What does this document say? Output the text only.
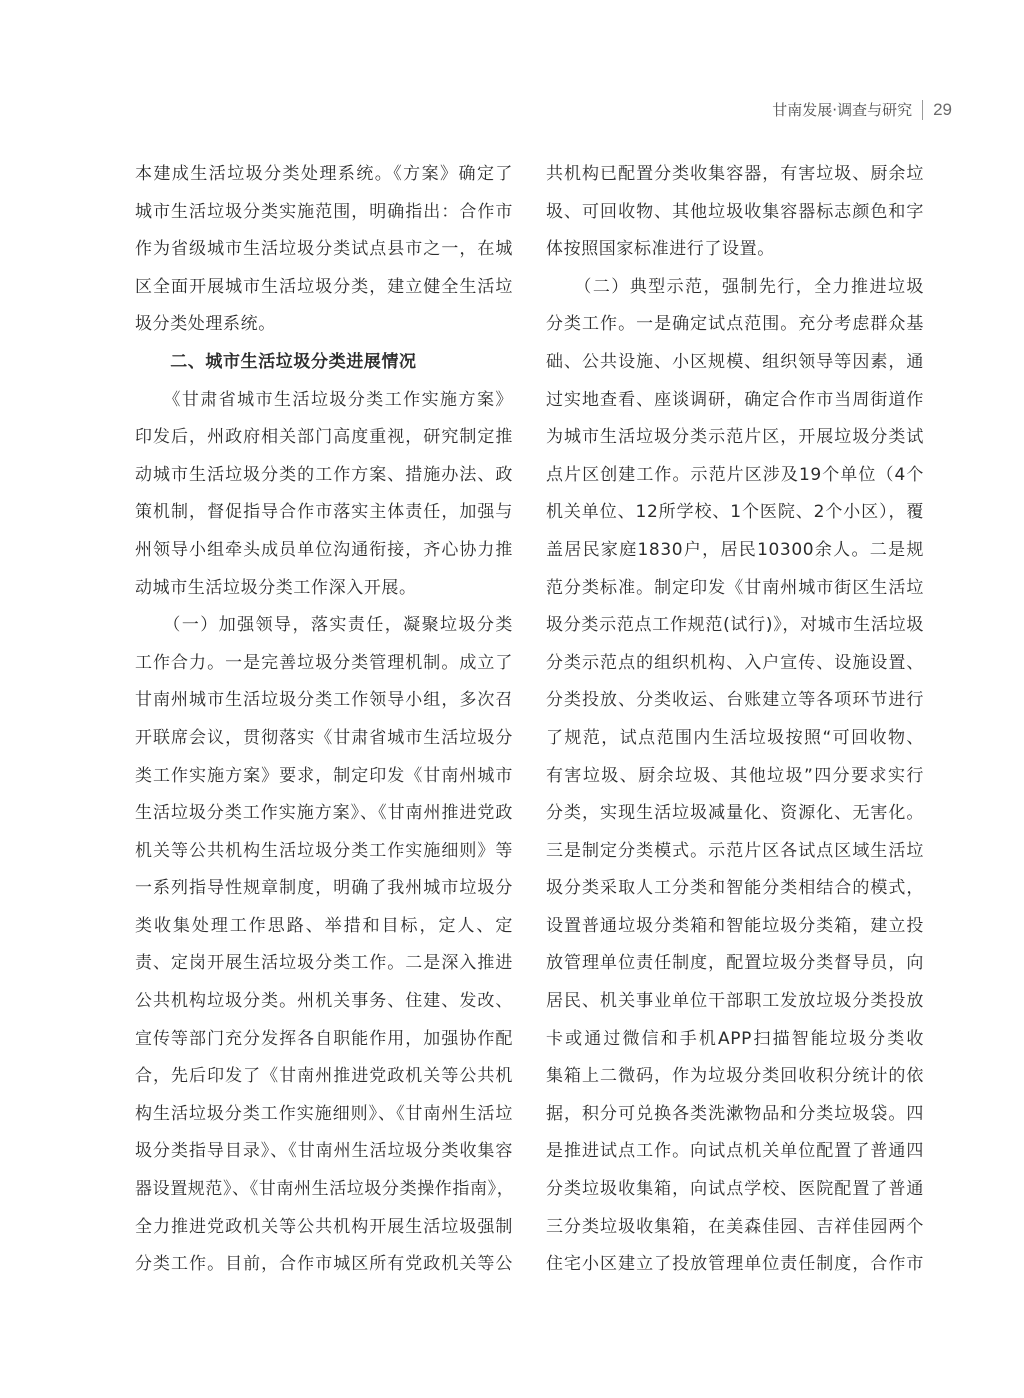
甘南发展·调查与研究 29
本建成生活垃圾分类处理系统。《方案》确定了
城市生活垃圾分类实施范围，明确指出：合作市
作为省级城市生活垃圾分类试点县市之一，在城
区全面开展城市生活垃圾分类，建立健全生活垃
圾分类处理系统。
　　二、城市生活垃圾分类进展情况
　　《甘肃省城市生活垃圾分类工作实施方案》
印发后，州政府相关部门高度重视，研究制定推
动城市生活垃圾分类的工作方案、措施办法、政
策机制，督促指导合作市落实主体责任，加强与
州领导小组牵头成员单位沟通衔接，齐心协力推
动城市生活垃圾分类工作深入开展。
　　（一）加强领导，落实责任，凝聚垃圾分类
工作合力。一是完善垃圾分类管理机制。成立了
甘南州城市生活垃圾分类工作领导小组，多次召
开联席会议，贯彻落实《甘肃省城市生活垃圾分
类工作实施方案》要求，制定印发《甘南州城市
生活垃圾分类工作实施方案》、《甘南州推进党政
机关等公共机构生活垃圾分类工作实施细则》等
一系列指导性规章制度，明确了我州城市垃圾分
类收集处理工作思路、举措和目标，定人、定
责、定岗开展生活垃圾分类工作。二是深入推进
公共机构垃圾分类。州机关事务、住建、发改、
宣传等部门充分发挥各自职能作用，加强协作配
合，先后印发了《甘南州推进党政机关等公共机
构生活垃圾分类工作实施细则》、《甘南州生活垃
圾分类指导目录》、《甘南州生活垃圾分类收集容
器设置规范》、《甘南州生活垃圾分类操作指南》，
全力推进党政机关等公共机构开展生活垃圾强制
分类工作。目前，合作市城区所有党政机关等公
共机构已配置分类收集容器，有害垃圾、厨余垃
圾、可回收物、其他垃圾收集容器标志颜色和字
体按照国家标准进行了设置。
　　（二）典型示范，强制先行，全力推进垃圾
分类工作。一是确定试点范围。充分考虑群众基
础、公共设施、小区规模、组织领导等因素，通
过实地查看、座谈调研，确定合作市当周街道作
为城市生活垃圾分类示范片区，开展垃圾分类试
点片区创建工作。示范片区涉及19个单位（4个
机关单位、12所学校、1个医院、2个小区），覆
盖居民家庭1830户，居民10300余人。二是规
范分类标准。制定印发《甘南州城市街区生活垃
圾分类示范点工作规范(试行)》，对城市生活垃圾
分类示范点的组织机构、入户宣传、设施设置、
分类投放、分类收运、台账建立等各项环节进行
了规范，试点范围内生活垃圾按照“可回收物、
有害垃圾、厨余垃圾、其他垃圾”四分要求实行
分类，实现生活垃圾减量化、资源化、无害化。
三是制定分类模式。示范片区各试点区域生活垃
圾分类采取人工分类和智能分类相结合的模式，
设置普通垃圾分类箱和智能垃圾分类箱，建立投
放管理单位责任制度，配置垃圾分类督导员，向
居民、机关事业单位干部职工发放垃圾分类投放
卡或通过微信和手机APP扫描智能垃圾分类收
集箱上二微码，作为垃圾分类回收积分统计的依
据，积分可兑换各类洗漱物品和分类垃圾袋。四
是推进试点工作。向试点机关单位配置了普通四
分类垃圾收集箱，向试点学校、医院配置了普通
三分类垃圾收集箱，在美森佳园、吉祥佳园两个
住宅小区建立了投放管理单位责任制度，合作市
